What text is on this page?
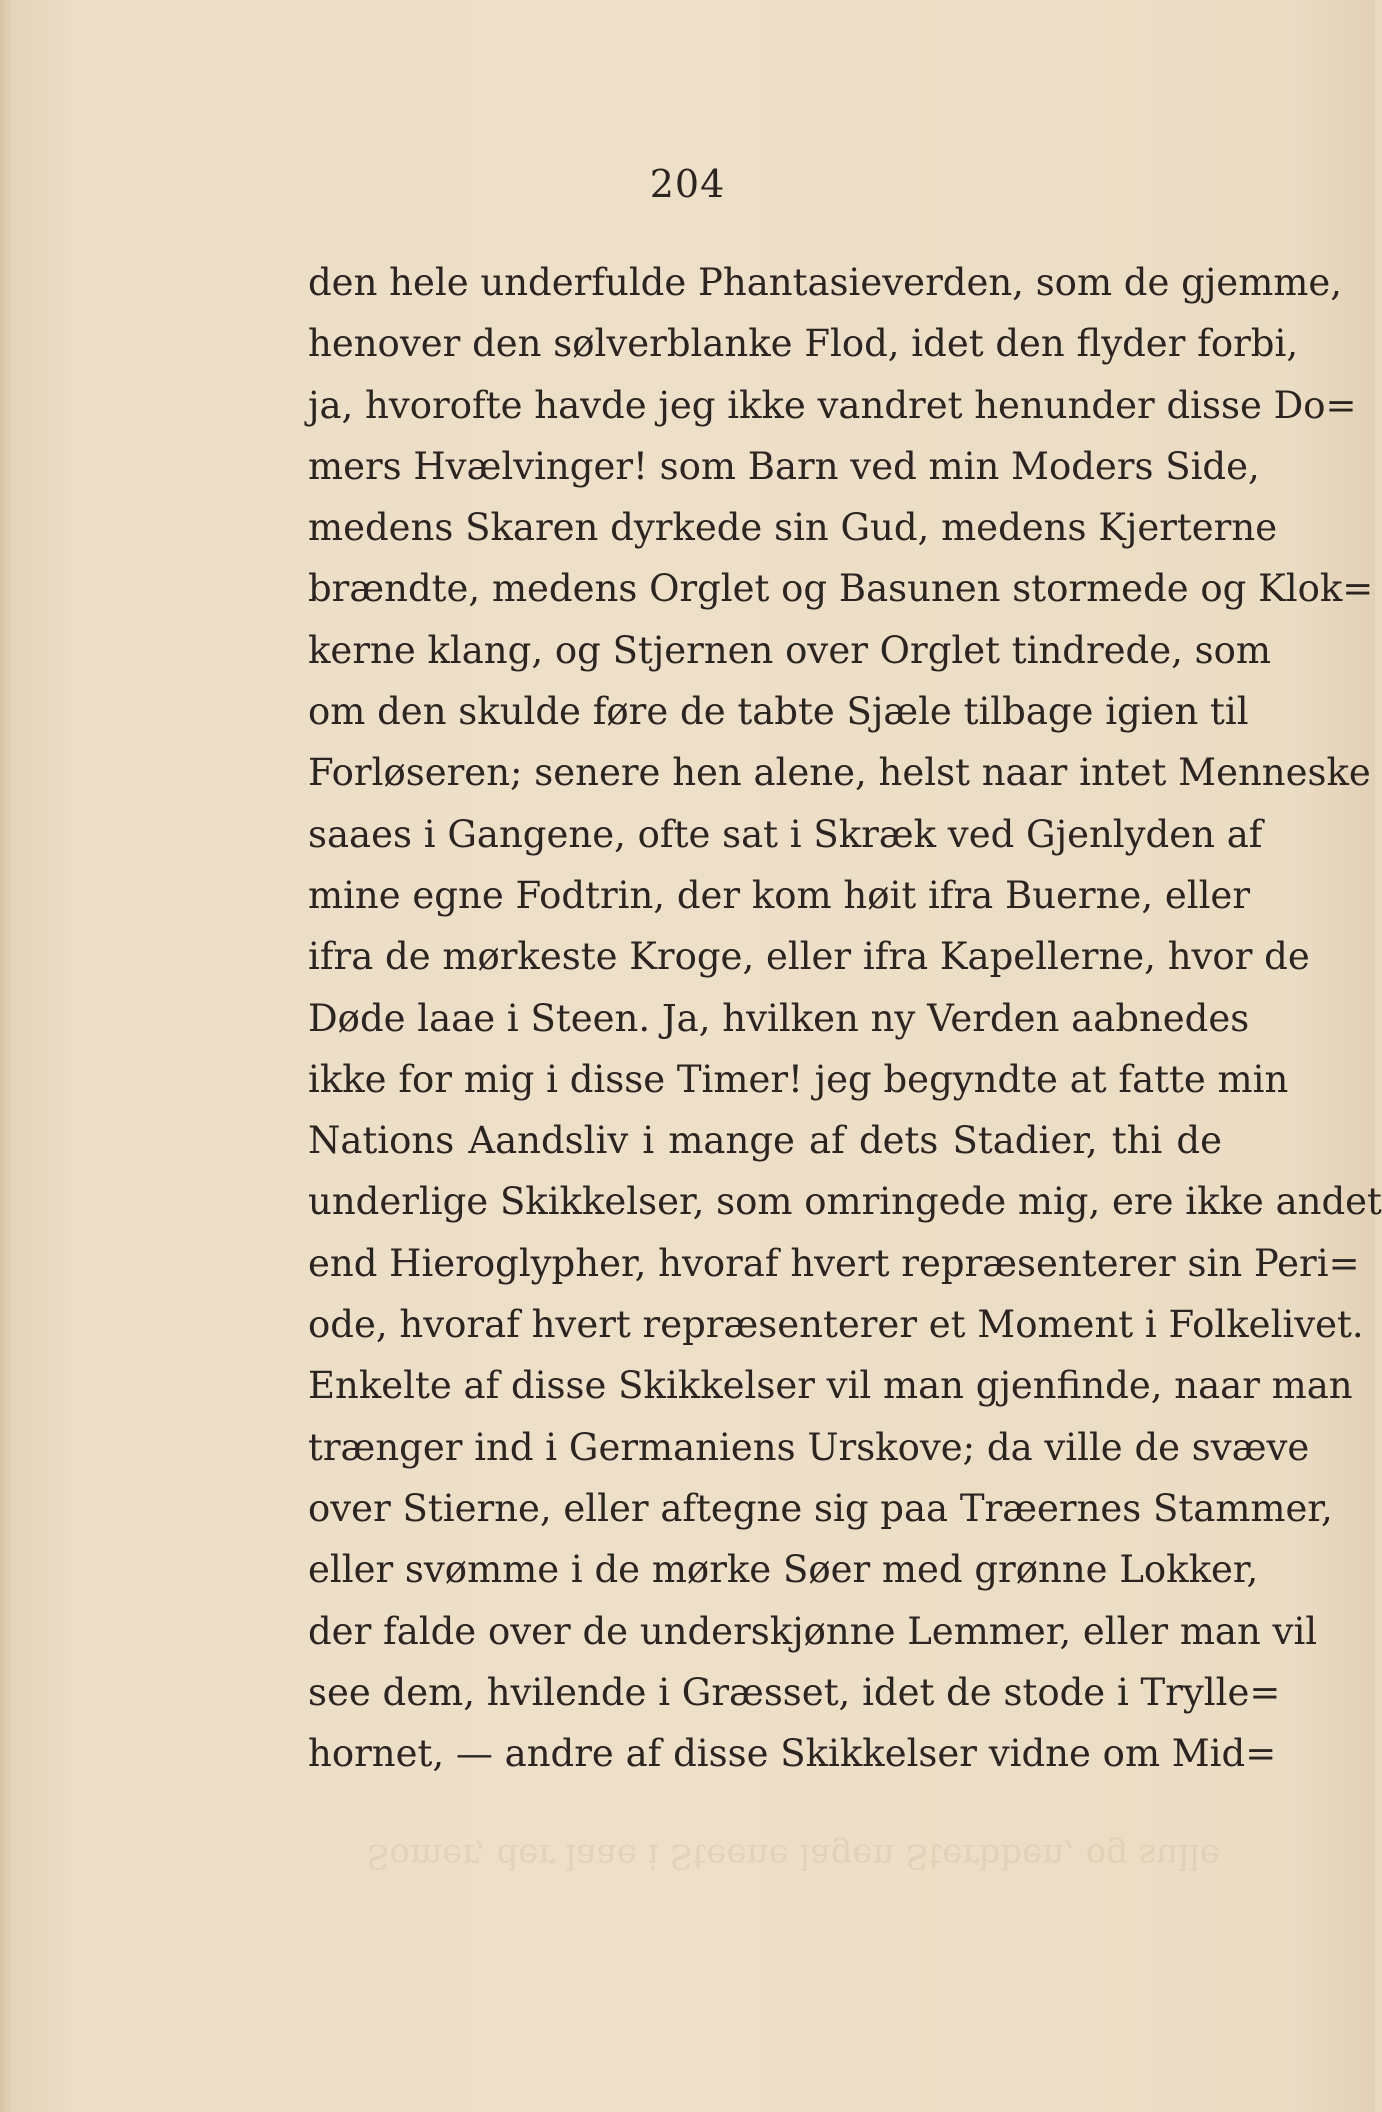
204
den hele underfulde Phantasieverden, som de gjemme,
henover den sølverblanke Flod, idet den flyder forbi,
ja, hvorofte havde jeg ikke vandret henunder disse Do=
mers Hvælvinger! som Barn ved min Moders Side,
medens Skaren dyrkede sin Gud, medens Kjerterne
brændte, medens Orglet og Basunen stormede og Klok=
kerne klang, og Stjernen over Orglet tindrede, som
om den skulde føre de tabte Sjæle tilbage igien til
Forløseren; senere hen alene, helst naar intet Menneske
saaes i Gangene, ofte sat i Skræk ved Gjenlyden af
mine egne Fodtrin, der kom høit ifra Buerne, eller
ifra de mørkeste Kroge, eller ifra Kapellerne, hvor de
Døde laae i Steen. Ja, hvilken ny Verden aabnedes
ikke for mig i disse Timer! jeg begyndte at fatte min
Nations Aandsliv i mange af dets Stadier, thi de
underlige Skikkelser, som omringede mig, ere ikke andet
end Hieroglypher, hvoraf hvert repræsenterer sin Peri=
ode, hvoraf hvert repræsenterer et Moment i Folkelivet.
Enkelte af disse Skikkelser vil man gjenfinde, naar man
trænger ind i Germaniens Urskove; da ville de svæve
over Stierne, eller aftegne sig paa Træernes Stammer,
eller svømme i de mørke Søer med grønne Lokker,
der falde over de underskjønne Lemmer, eller man vil
see dem, hvilende i Græsset, idet de stode i Trylle=
hornet, — andre af disse Skikkelser vidne om Mid=
Somer, der laae i Steene lagen Sterbben, og sulle
